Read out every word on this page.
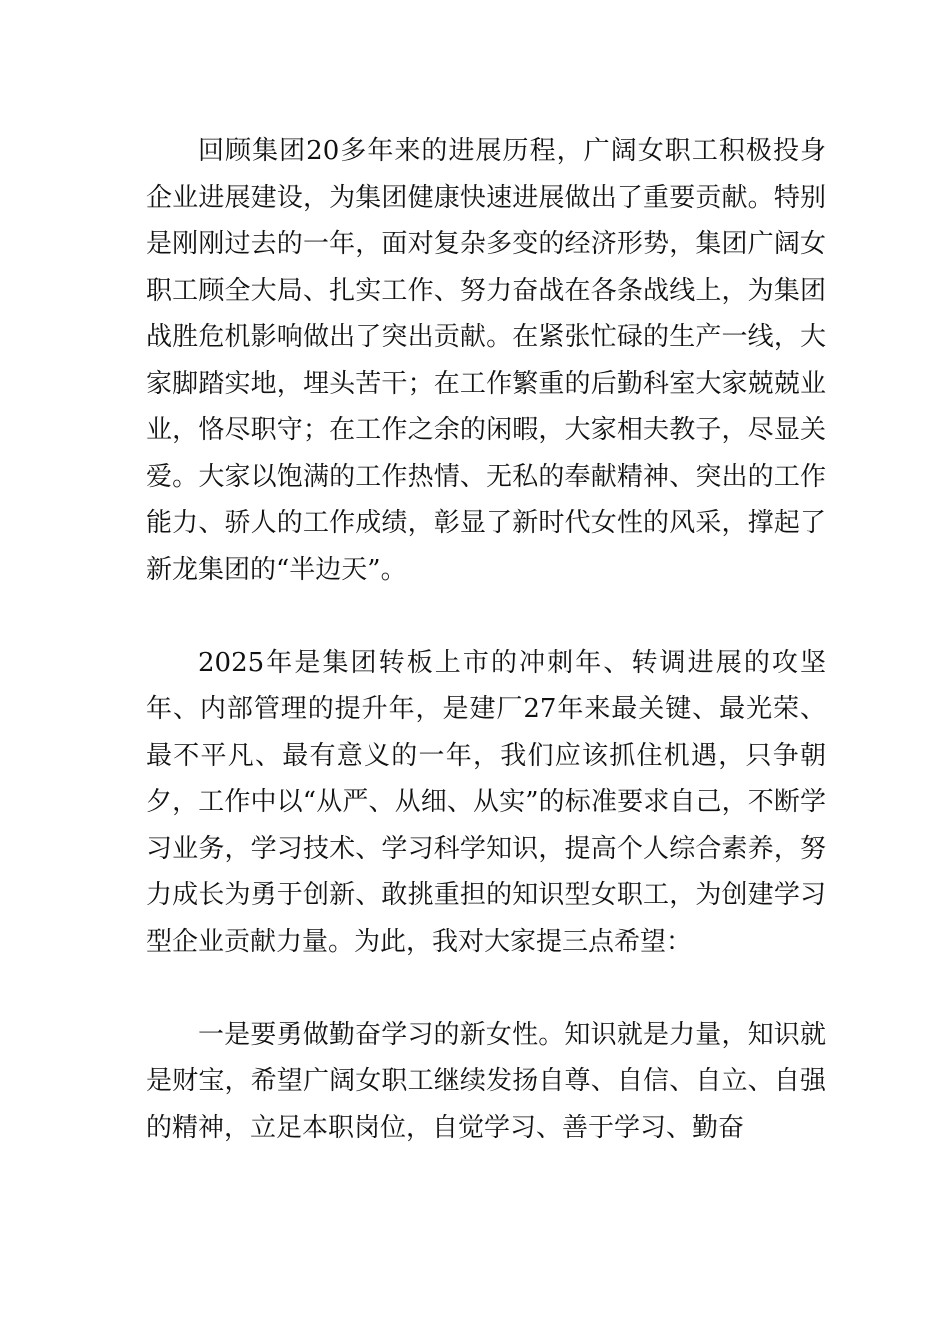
回顾集团20多年来的进展历程，广阔女职工积极投身企业进展建设，为集团健康快速进展做出了重要贡献。特别是刚刚过去的一年，面对复杂多变的经济形势，集团广阔女职工顾全大局、扎实工作、努力奋战在各条战线上，为集团战胜危机影响做出了突出贡献。在紧张忙碌的生产一线，大家脚踏实地，埋头苦干；在工作繁重的后勤科室大家兢兢业业，恪尽职守；在工作之余的闲暇，大家相夫教子，尽显关爱。大家以饱满的工作热情、无私的奉献精神、突出的工作能力、骄人的工作成绩，彰显了新时代女性的风采，撑起了新龙集团的“半边天”。

2025年是集团转板上市的冲刺年、转调进展的攻坚年、内部管理的提升年，是建厂27年来最关键、最光荣、最不平凡、最有意义的一年，我们应该抓住机遇，只争朝夕，工作中以“从严、从细、从实”的标准要求自己，不断学习业务，学习技术、学习科学知识，提高个人综合素养，努力成长为勇于创新、敢挑重担的知识型女职工，为创建学习型企业贡献力量。为此，我对大家提三点希望：

一是要勇做勤奋学习的新女性。知识就是力量，知识就是财宝，希望广阔女职工继续发扬自尊、自信、自立、自强的精神，立足本职岗位，自觉学习、善于学习、勤奋
